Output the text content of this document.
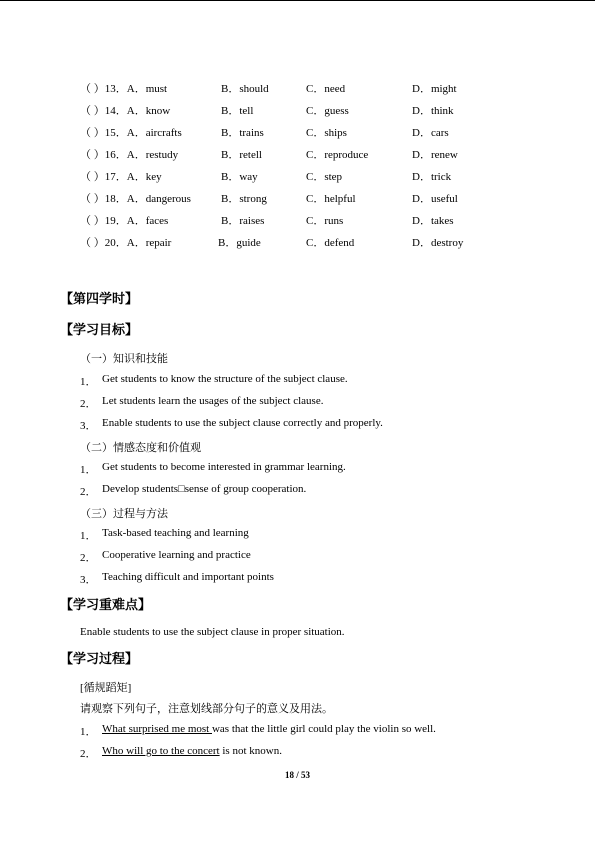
（ ）13．A．must	B．should	C．need	D．might
（ ）14．A．know	B．tell	C．guess	D．think
（ ）15．A．aircrafts	B．trains	C．ships	D．cars
（ ）16．A．restudy	B．retell	C．reproduce	D．renew
（ ）17．A．key	B．way	C．step	D．trick
（ ）18．A．dangerous	B．strong	C．helpful	D．useful
（ ）19．A．faces	B．raises	C．runs	D．takes
（ ）20．A．repair	B．guide	C．defend	D．destroy
【第四学时】
【学习目标】
（一）知识和技能
1． Get students to know the structure of the subject clause.
2． Let students learn the usages of the subject clause.
3． Enable students to use the subject clause correctly and properly.
（二）情感态度和价值观
1． Get students to become interested in grammar learning.
2． Develop students□sense of group cooperation.
（三）过程与方法
1． Task-based teaching and learning
2． Cooperative learning and practice
3． Teaching difficult and important points
【学习重难点】
Enable students to use the subject clause in proper situation.
【学习过程】
[循规蹈矩]
请观察下列句子，注意划线部分句子的意义及用法。
1． What surprised me most was that the little girl could play the violin so well.
2． Who will go to the concert is not known.
18 / 53
